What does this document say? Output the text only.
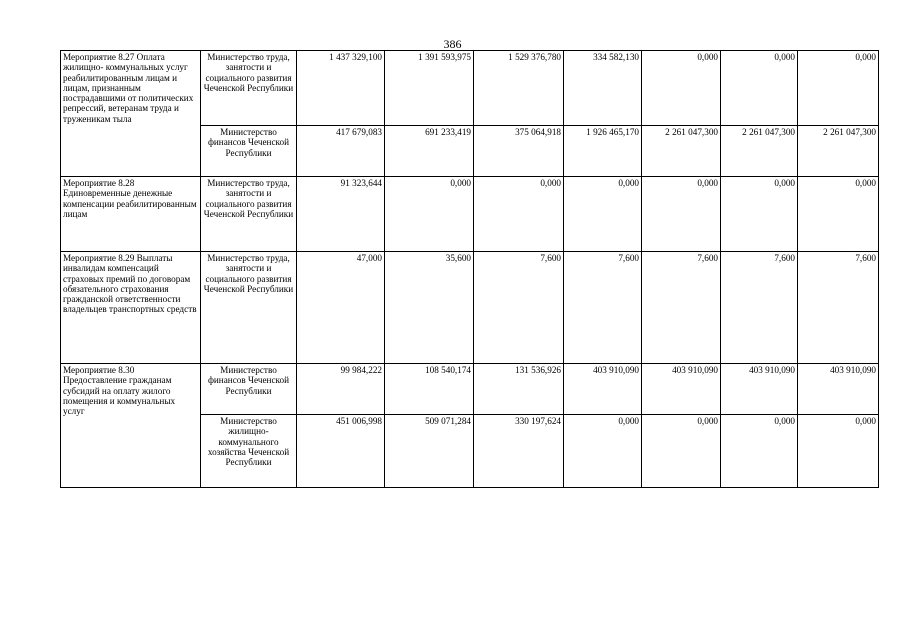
386
Мероприятие 8.27 Оплата жилищно- коммунальных услуг реабилитированным лицам и лицам, признанным пострадавшими от политических репрессий, ветеранам труда и труженикам тыла	Министерство труда, занятости и социального развития Чеченской Республики	1 437 329,100	1 391 593,975	1 529 376,780	334 582,130	0,000	0,000	0,000
	Министерство финансов Чеченской Республики	417 679,083	691 233,419	375 064,918	1 926 465,170	2 261 047,300	2 261 047,300	2 261 047,300
Мероприятие 8.28 Единовременные денежные компенсации реабилитированным лицам	Министерство труда, занятости и социального развития Чеченской Республики	91 323,644	0,000	0,000	0,000	0,000	0,000	0,000
Мероприятие 8.29 Выплаты инвалидам компенсаций страховых премий по договорам обязательного страхования гражданской ответственности владельцев транспортных средств	Министерство труда, занятости и социального развития Чеченской Республики	47,000	35,600	7,600	7,600	7,600	7,600	7,600
Мероприятие 8.30 Предоставление гражданам субсидий на оплату жилого помещения и коммунальных услуг	Министерство финансов Чеченской Республики	99 984,222	108 540,174	131 536,926	403 910,090	403 910,090	403 910,090	403 910,090
	Министерство жилищно-коммунального хозяйства Чеченской Республики	451 006,998	509 071,284	330 197,624	0,000	0,000	0,000	0,000
